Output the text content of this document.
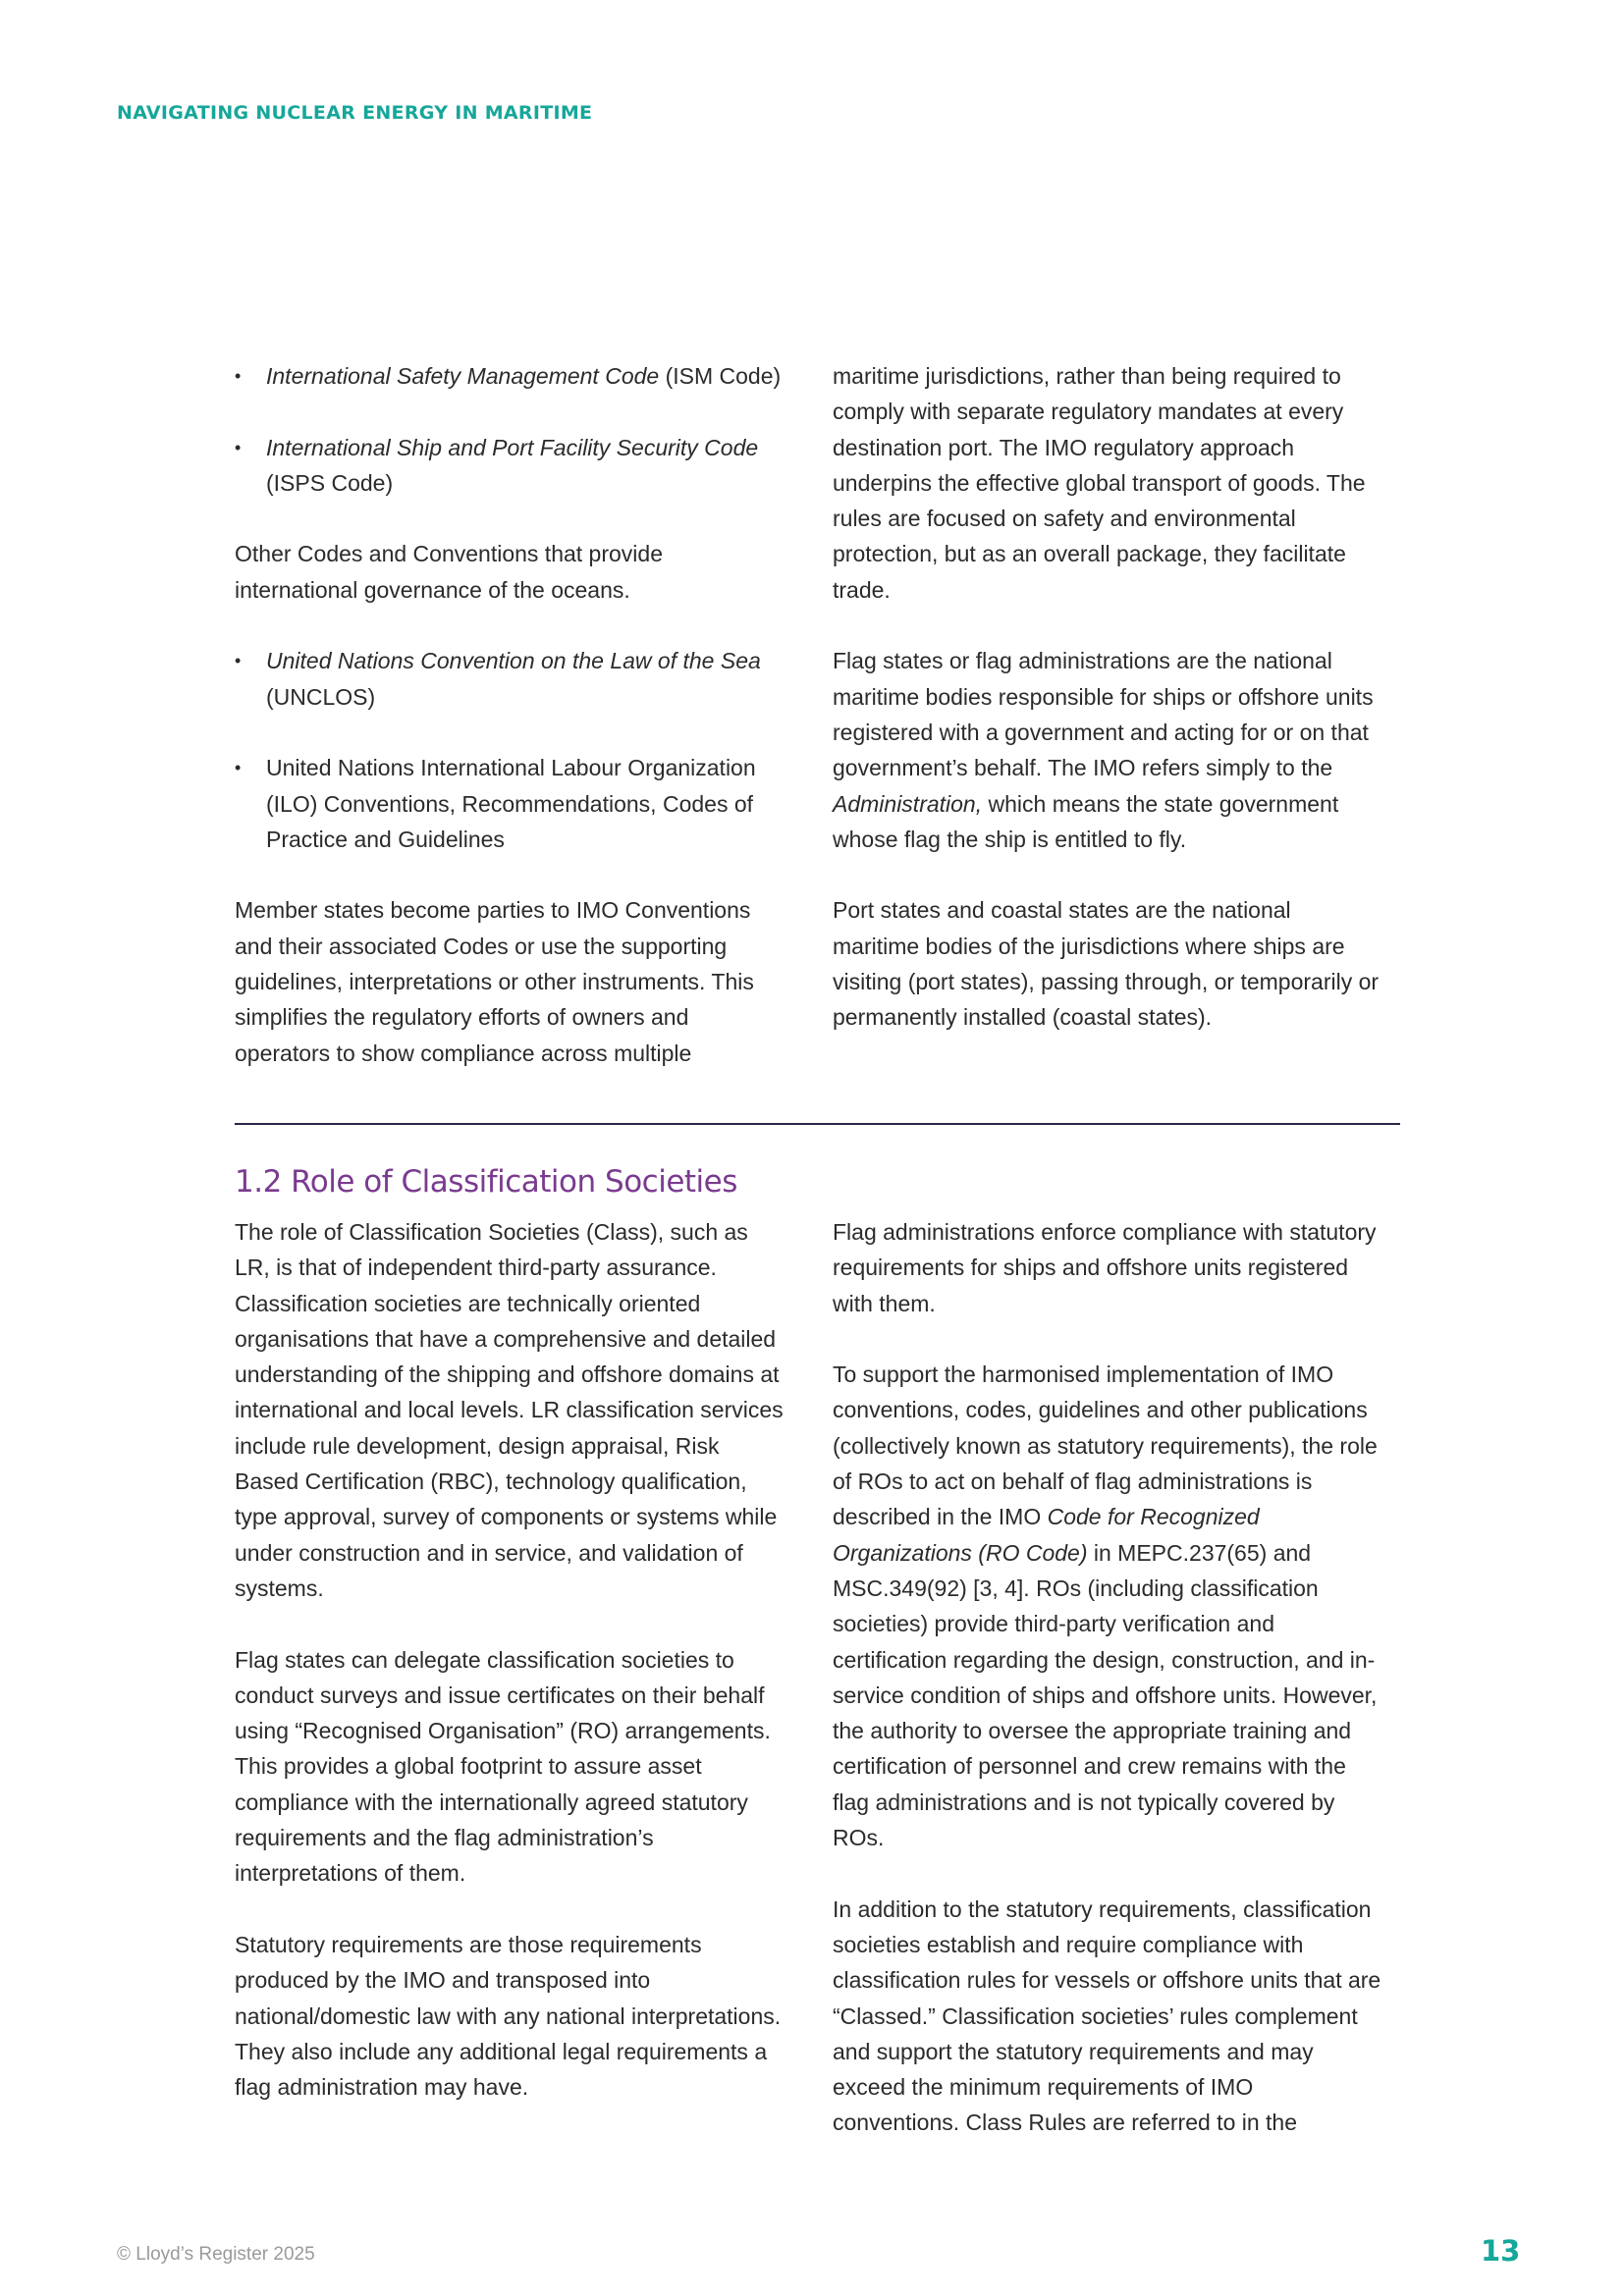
NAVIGATING NUCLEAR ENERGY IN MARITIME
• International Safety Management Code (ISM Code)
• International Ship and Port Facility Security Code (ISPS Code)

Other Codes and Conventions that provide international governance of the oceans.

• United Nations Convention on the Law of the Sea (UNCLOS)
• United Nations International Labour Organization (ILO) Conventions, Recommendations, Codes of Practice and Guidelines

Member states become parties to IMO Conventions and their associated Codes or use the supporting guidelines, interpretations or other instruments. This simplifies the regulatory efforts of owners and operators to show compliance across multiple

maritime jurisdictions, rather than being required to comply with separate regulatory mandates at every destination port. The IMO regulatory approach underpins the effective global transport of goods. The rules are focused on safety and environmental protection, but as an overall package, they facilitate trade.

Flag states or flag administrations are the national maritime bodies responsible for ships or offshore units registered with a government and acting for or on that government’s behalf. The IMO refers simply to the Administration, which means the state government whose flag the ship is entitled to fly.

Port states and coastal states are the national maritime bodies of the jurisdictions where ships are visiting (port states), passing through, or temporarily or permanently installed (coastal states).

1.2 Role of Classification Societies

The role of Classification Societies (Class), such as LR, is that of independent third-party assurance. Classification societies are technically oriented organisations that have a comprehensive and detailed understanding of the shipping and offshore domains at international and local levels. LR classification services include rule development, design appraisal, Risk Based Certification (RBC), technology qualification, type approval, survey of components or systems while under construction and in service, and validation of systems.

Flag states can delegate classification societies to conduct surveys and issue certificates on their behalf using “Recognised Organisation” (RO) arrangements. This provides a global footprint to assure asset compliance with the internationally agreed statutory requirements and the flag administration’s interpretations of them.

Statutory requirements are those requirements produced by the IMO and transposed into national/domestic law with any national interpretations. They also include any additional legal requirements a flag administration may have.

Flag administrations enforce compliance with statutory requirements for ships and offshore units registered with them.

To support the harmonised implementation of IMO conventions, codes, guidelines and other publications (collectively known as statutory requirements), the role of ROs to act on behalf of flag administrations is described in the IMO Code for Recognized Organizations (RO Code) in MEPC.237(65) and MSC.349(92) [3, 4]. ROs (including classification societies) provide third-party verification and certification regarding the design, construction, and in-service condition of ships and offshore units. However, the authority to oversee the appropriate training and certification of personnel and crew remains with the flag administrations and is not typically covered by ROs.

In addition to the statutory requirements, classification societies establish and require compliance with classification rules for vessels or offshore units that are “Classed.” Classification societies’ rules complement and support the statutory requirements and may exceed the minimum requirements of IMO conventions. Class Rules are referred to in the

© Lloyd’s Register 2025	13
